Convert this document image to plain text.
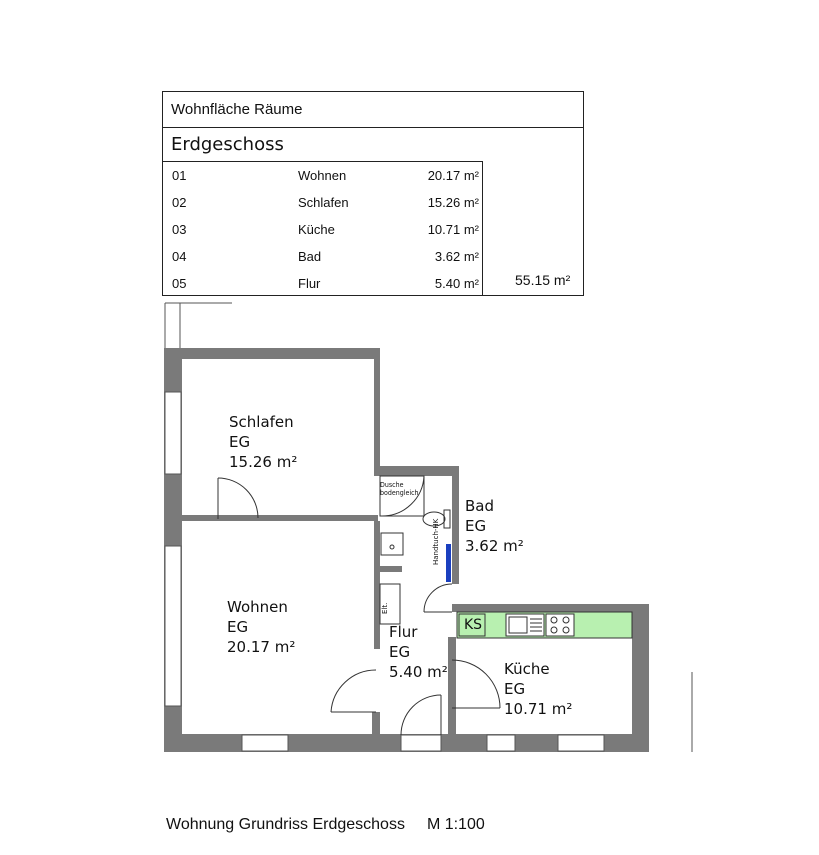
Wohnfläche Räume
Erdgeschoss
01	Wohnen	20.17 m²
02	Schlafen	15.26 m²
03	Küche	10.71 m²
04	Bad	3.62 m²
05	Flur	5.40 m²	55.15 m²
Schlafen
EG
15.26 m²
Wohnen
EG
20.17 m²
Flur
EG
5.40 m²
Bad
EG
3.62 m²
Küche
EG
10.71 m²
Dusche
bodengleich
Handtuch-HK
KS
Elt.
Wohnung Grundriss Erdgeschoss M 1:100
